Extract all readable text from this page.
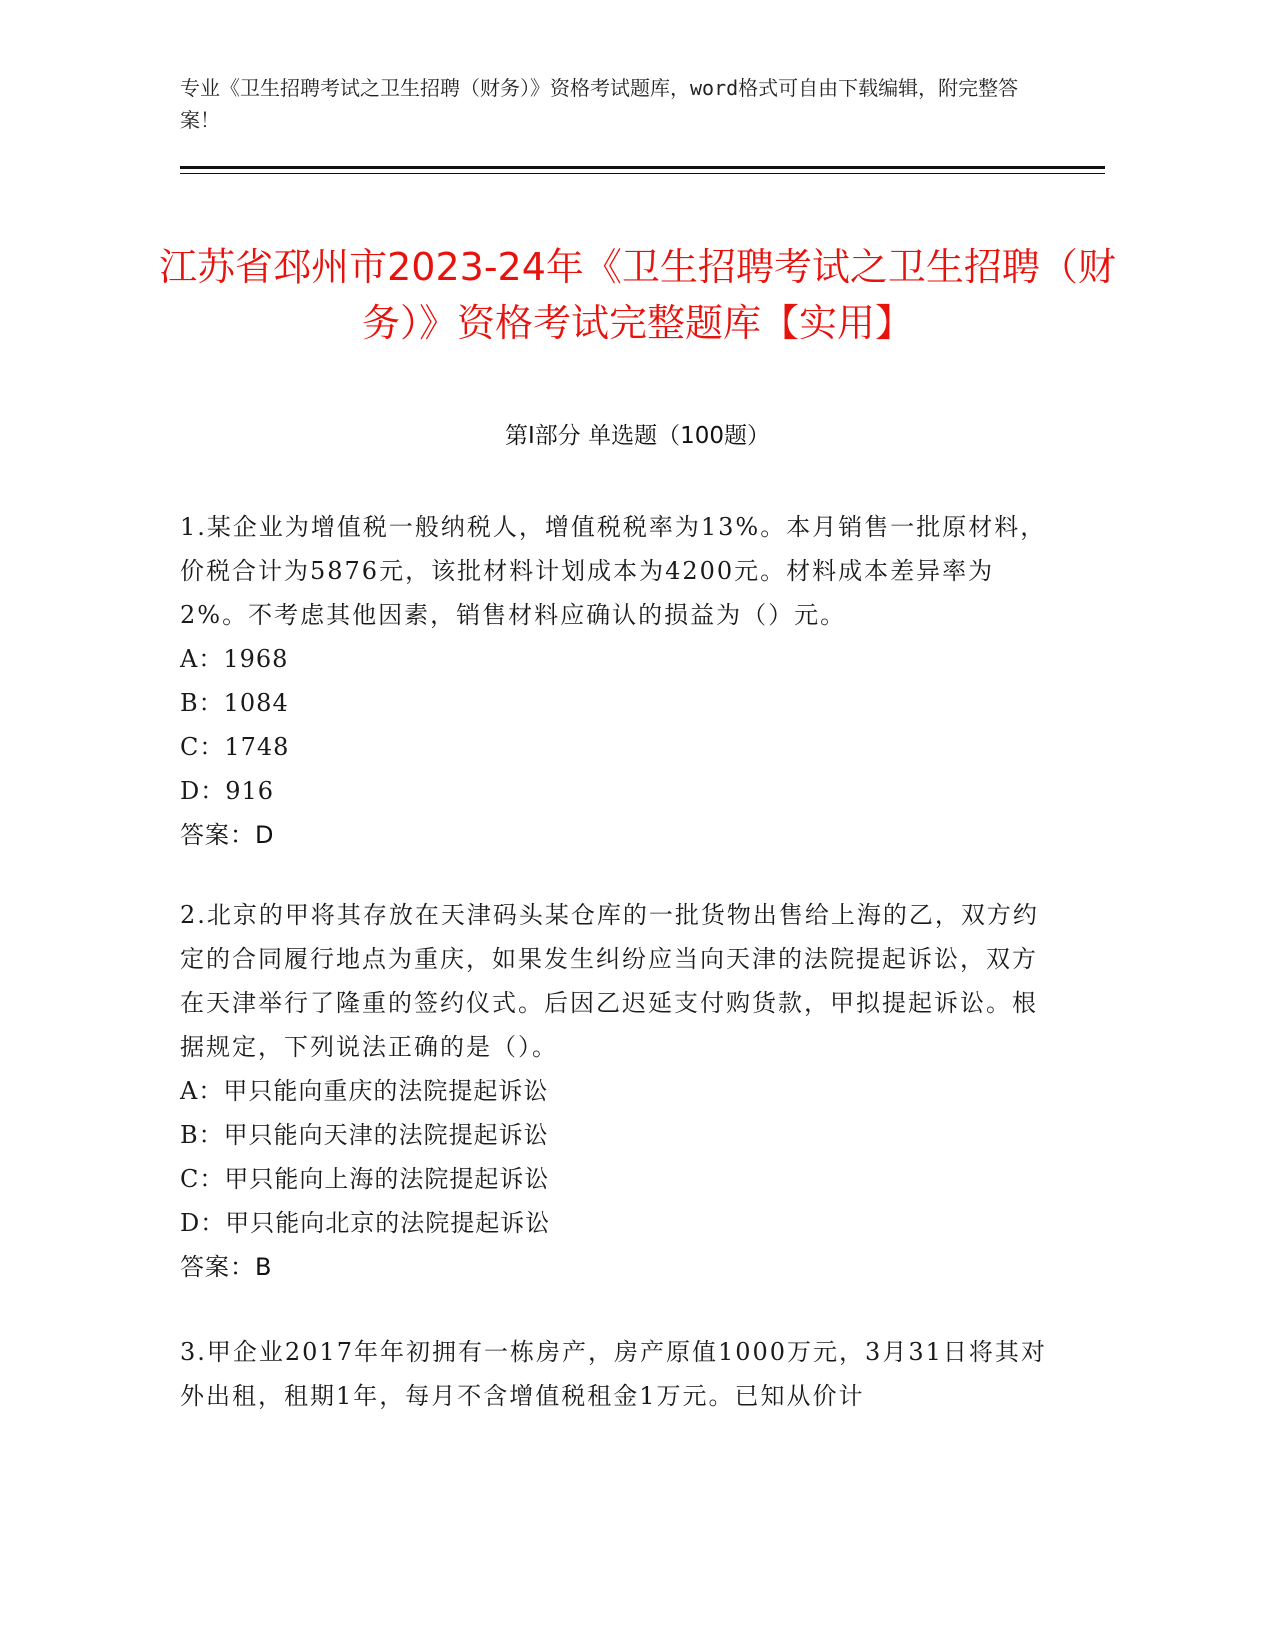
专业《卫生招聘考试之卫生招聘（财务）》资格考试题库，word格式可自由下载编辑，附完整答案！
江苏省邳州市2023-24年《卫生招聘考试之卫生招聘（财务）》资格考试完整题库【实用】
第I部分 单选题（100题）
1.某企业为增值税一般纳税人，增值税税率为13%。本月销售一批原材料，价税合计为5876元，该批材料计划成本为4200元。材料成本差异率为2%。不考虑其他因素，销售材料应确认的损益为（）元。
A：1968
B：1084
C：1748
D：916
答案：D
2.北京的甲将其存放在天津码头某仓库的一批货物出售给上海的乙，双方约定的合同履行地点为重庆，如果发生纠纷应当向天津的法院提起诉讼，双方在天津举行了隆重的签约仪式。后因乙迟延支付购货款，甲拟提起诉讼。根据规定，下列说法正确的是（）。
A：甲只能向重庆的法院提起诉讼
B：甲只能向天津的法院提起诉讼
C：甲只能向上海的法院提起诉讼
D：甲只能向北京的法院提起诉讼
答案：B
3.甲企业2017年年初拥有一栋房产，房产原值1000万元，3月31日将其对外出租，租期1年，每月不含增值税租金1万元。已知从价计
